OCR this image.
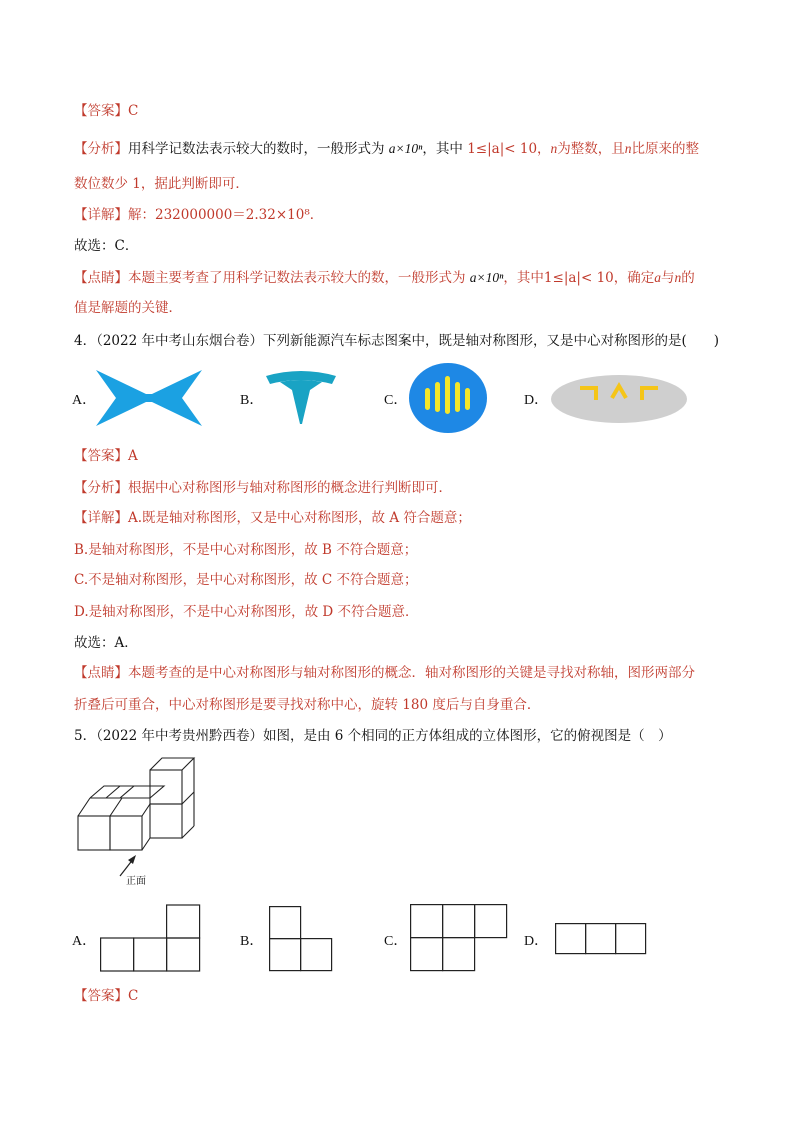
【答案】C
【分析】用科学记数法表示较大的数时，一般形式为 a×10ⁿ，其中 1≤|a|< 10，n为整数，且n比原来的整
数位数少 1，据此判断即可．
【详解】解：232000000＝2.32×10⁸．
故选：C．
【点睛】本题主要考查了用科学记数法表示较大的数，一般形式为 a×10ⁿ，其中1≤|a|< 10，确定a与n的
值是解题的关键．
4．（2022 年中考山东烟台卷）下列新能源汽车标志图案中，既是轴对称图形，又是中心对称图形的是(　　)
A．	B．	C．	D．
【答案】A
【分析】根据中心对称图形与轴对称图形的概念进行判断即可．
【详解】A.既是轴对称图形，又是中心对称图形，故 A 符合题意；
B.是轴对称图形，不是中心对称图形，故 B 不符合题意；
C.不是轴对称图形，是中心对称图形，故 C 不符合题意；
D.是轴对称图形，不是中心对称图形，故 D 不符合题意．
故选：A．
【点睛】本题考查的是中心对称图形与轴对称图形的概念．轴对称图形的关键是寻找对称轴，图形两部分
折叠后可重合，中心对称图形是要寻找对称中心，旋转 180 度后与自身重合．
5．（2022 年中考贵州黔西卷）如图，是由 6 个相同的正方体组成的立体图形，它的俯视图是（　）
正面
A．	B．	C．	D．
【答案】C
